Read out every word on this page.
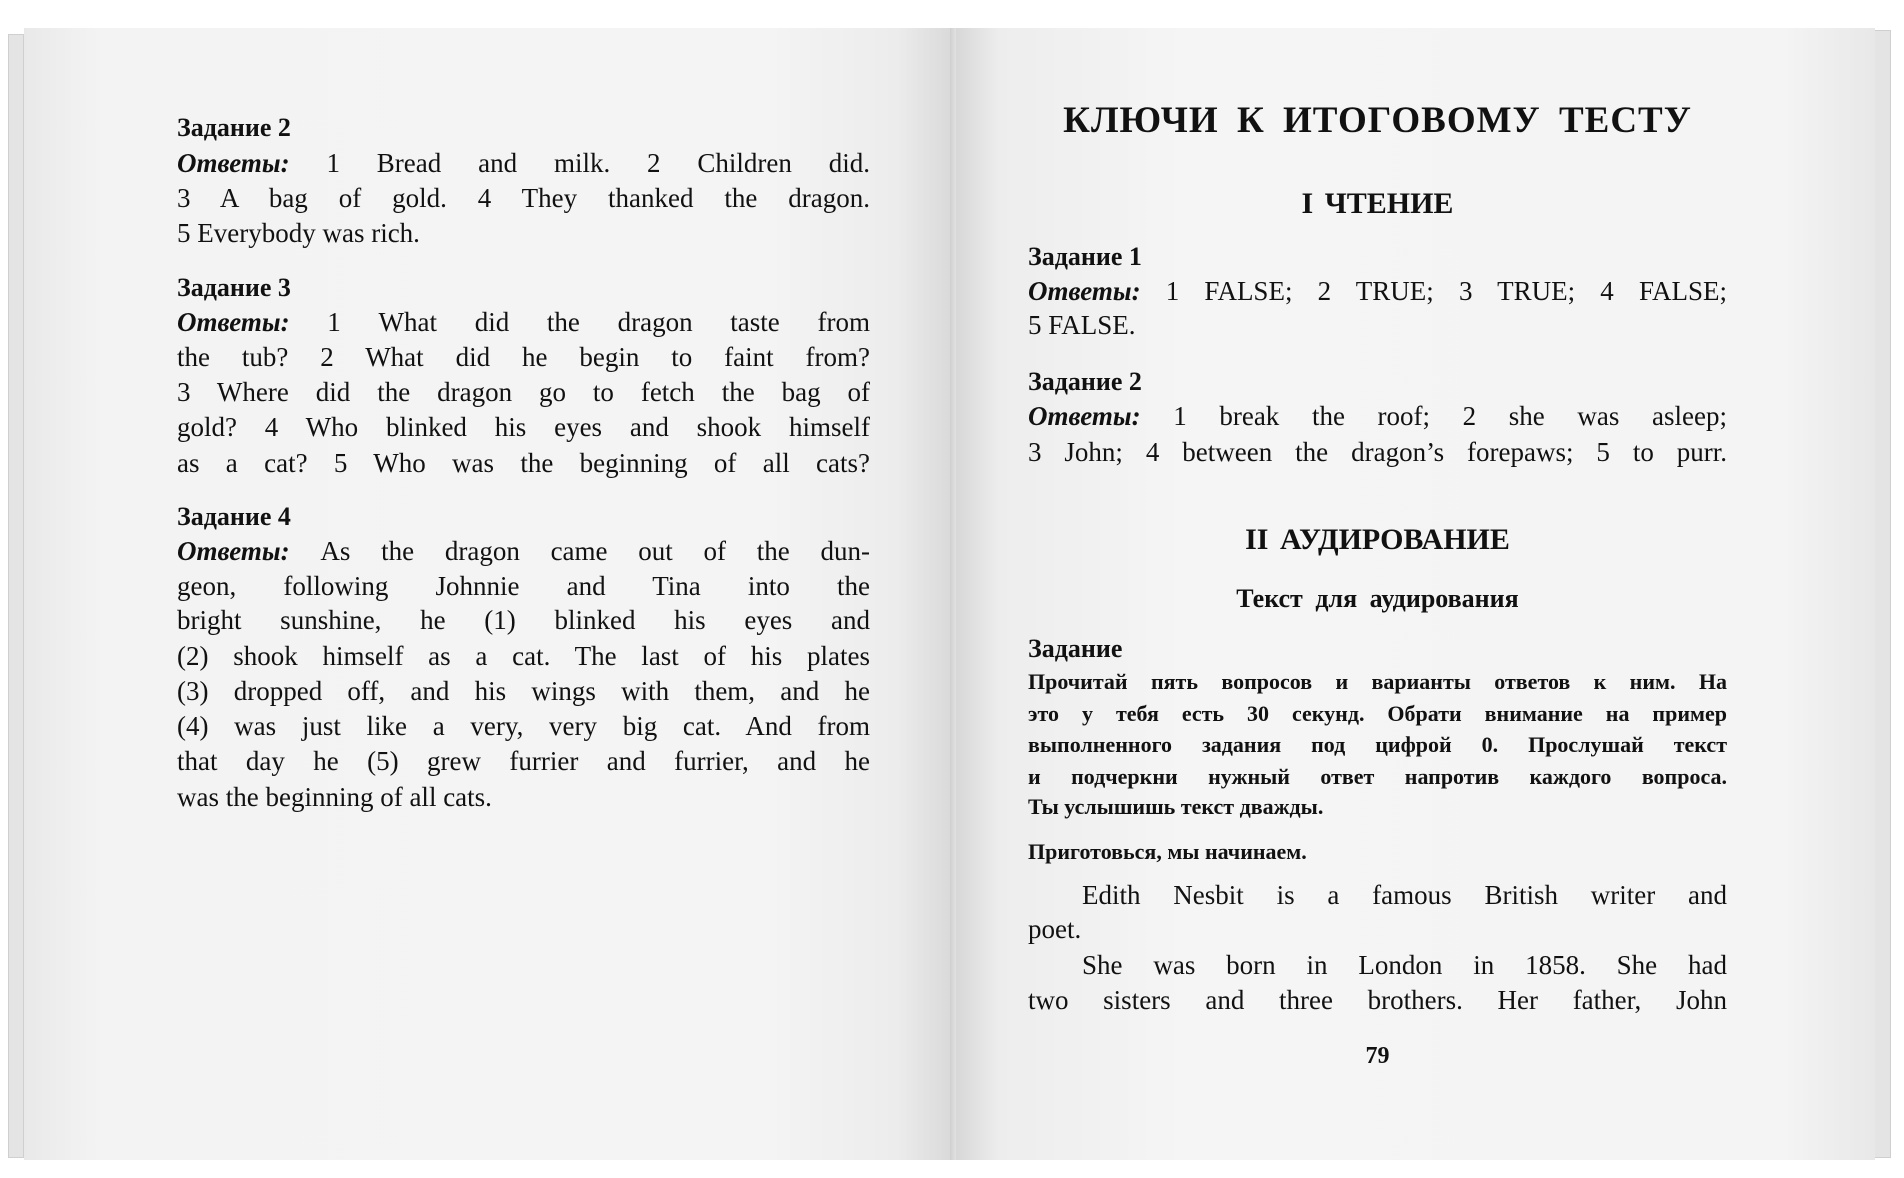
Задание 2
Ответы: 1 Bread and milk. 2 Children did.
3 A bag of gold. 4 They thanked the dragon.
5 Everybody was rich.
Задание 3
Ответы: 1 What did the dragon taste from
the tub? 2 What did he begin to faint from?
3 Where did the dragon go to fetch the bag of
gold? 4 Who blinked his eyes and shook himself
as a cat? 5 Who was the beginning of all cats?
Задание 4
Ответы: As the dragon came out of the dun-
geon, following Johnnie and Tina into the
bright sunshine, he (1) blinked his eyes and
(2) shook himself as a cat. The last of his plates
(3) dropped off, and his wings with them, and he
(4) was just like a very, very big cat. And from
that day he (5) grew furrier and furrier, and he
was the beginning of all cats.
КЛЮЧИ К ИТОГОВОМУ ТЕСТУ
I ЧТЕНИЕ
Задание 1
Ответы: 1 FALSE; 2 TRUE; 3 TRUE; 4 FALSE;
5 FALSE.
Задание 2
Ответы: 1 break the roof; 2 she was asleep;
3 John; 4 between the dragon’s forepaws; 5 to purr.
II АУДИРОВАНИЕ
Текст для аудирования
Задание
Прочитай пять вопросов и варианты ответов к ним. На
это у тебя есть 30 секунд. Обрати внимание на пример
выполненного задания под цифрой 0. Прослушай текст
и подчеркни нужный ответ напротив каждого вопроса.
Ты услышишь текст дважды.
Приготовься, мы начинаем.
Edith Nesbit is a famous British writer and
poet.
She was born in London in 1858. She had
two sisters and three brothers. Her father, John
79
